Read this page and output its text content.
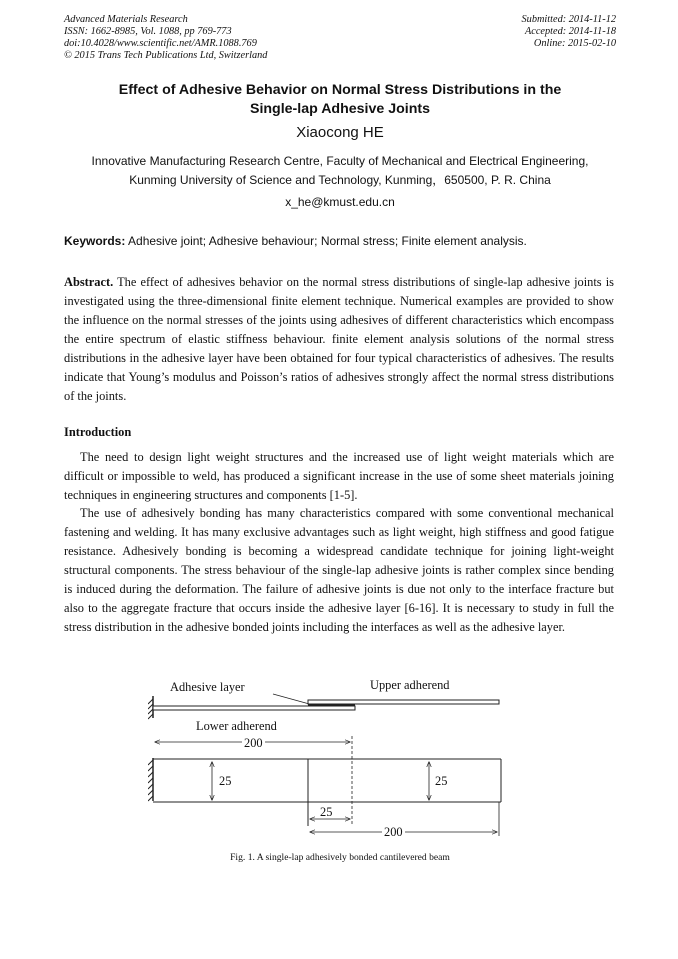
Advanced Materials Research
ISSN: 1662-8985, Vol. 1088, pp 769-773
doi:10.4028/www.scientific.net/AMR.1088.769
© 2015 Trans Tech Publications Ltd, Switzerland
Submitted: 2014-11-12
Accepted: 2014-11-18
Online: 2015-02-10
Effect of Adhesive Behavior on Normal Stress Distributions in the
Single-lap Adhesive Joints
Xiaocong HE
Innovative Manufacturing Research Centre, Faculty of Mechanical and Electrical Engineering,
Kunming University of Science and Technology, Kunming，650500, P. R. China
x_he@kmust.edu.cn
Keywords: Adhesive joint; Adhesive behaviour; Normal stress; Finite element analysis.
Abstract. The effect of adhesives behavior on the normal stress distributions of single-lap adhesive joints is investigated using the three-dimensional finite element technique. Numerical examples are provided to show the influence on the normal stresses of the joints using adhesives of different characteristics which encompass the entire spectrum of elastic stiffness behaviour. finite element analysis solutions of the normal stress distributions in the adhesive layer have been obtained for four typical characteristics of adhesives. The results indicate that Young’s modulus and Poisson’s ratios of adhesives strongly affect the normal stress distributions of the joints.
Introduction
The need to design light weight structures and the increased use of light weight materials which are difficult or impossible to weld, has produced a significant increase in the use of some sheet materials joining techniques in engineering structures and components [1-5].
The use of adhesively bonding has many characteristics compared with some conventional mechanical fastening and welding. It has many exclusive advantages such as light weight, high stiffness and good fatigue resistance. Adhesively bonding is becoming a widespread candidate technique for joining light-weight structural components. The stress behaviour of the single-lap adhesive joints is rather complex since bending is induced during the deformation. The failure of adhesive joints is due not only to the interface fracture but also to the aggregate fracture that occurs inside the adhesive layer [6-16]. It is necessary to study in full the stress distribution in the adhesive bonded joints including the interfaces as well as the adhesive layer.
Adhesive layer	Upper adherend
Lower adherend
200
25	25
25
200
Fig. 1. A single-lap adhesively bonded cantilevered beam
